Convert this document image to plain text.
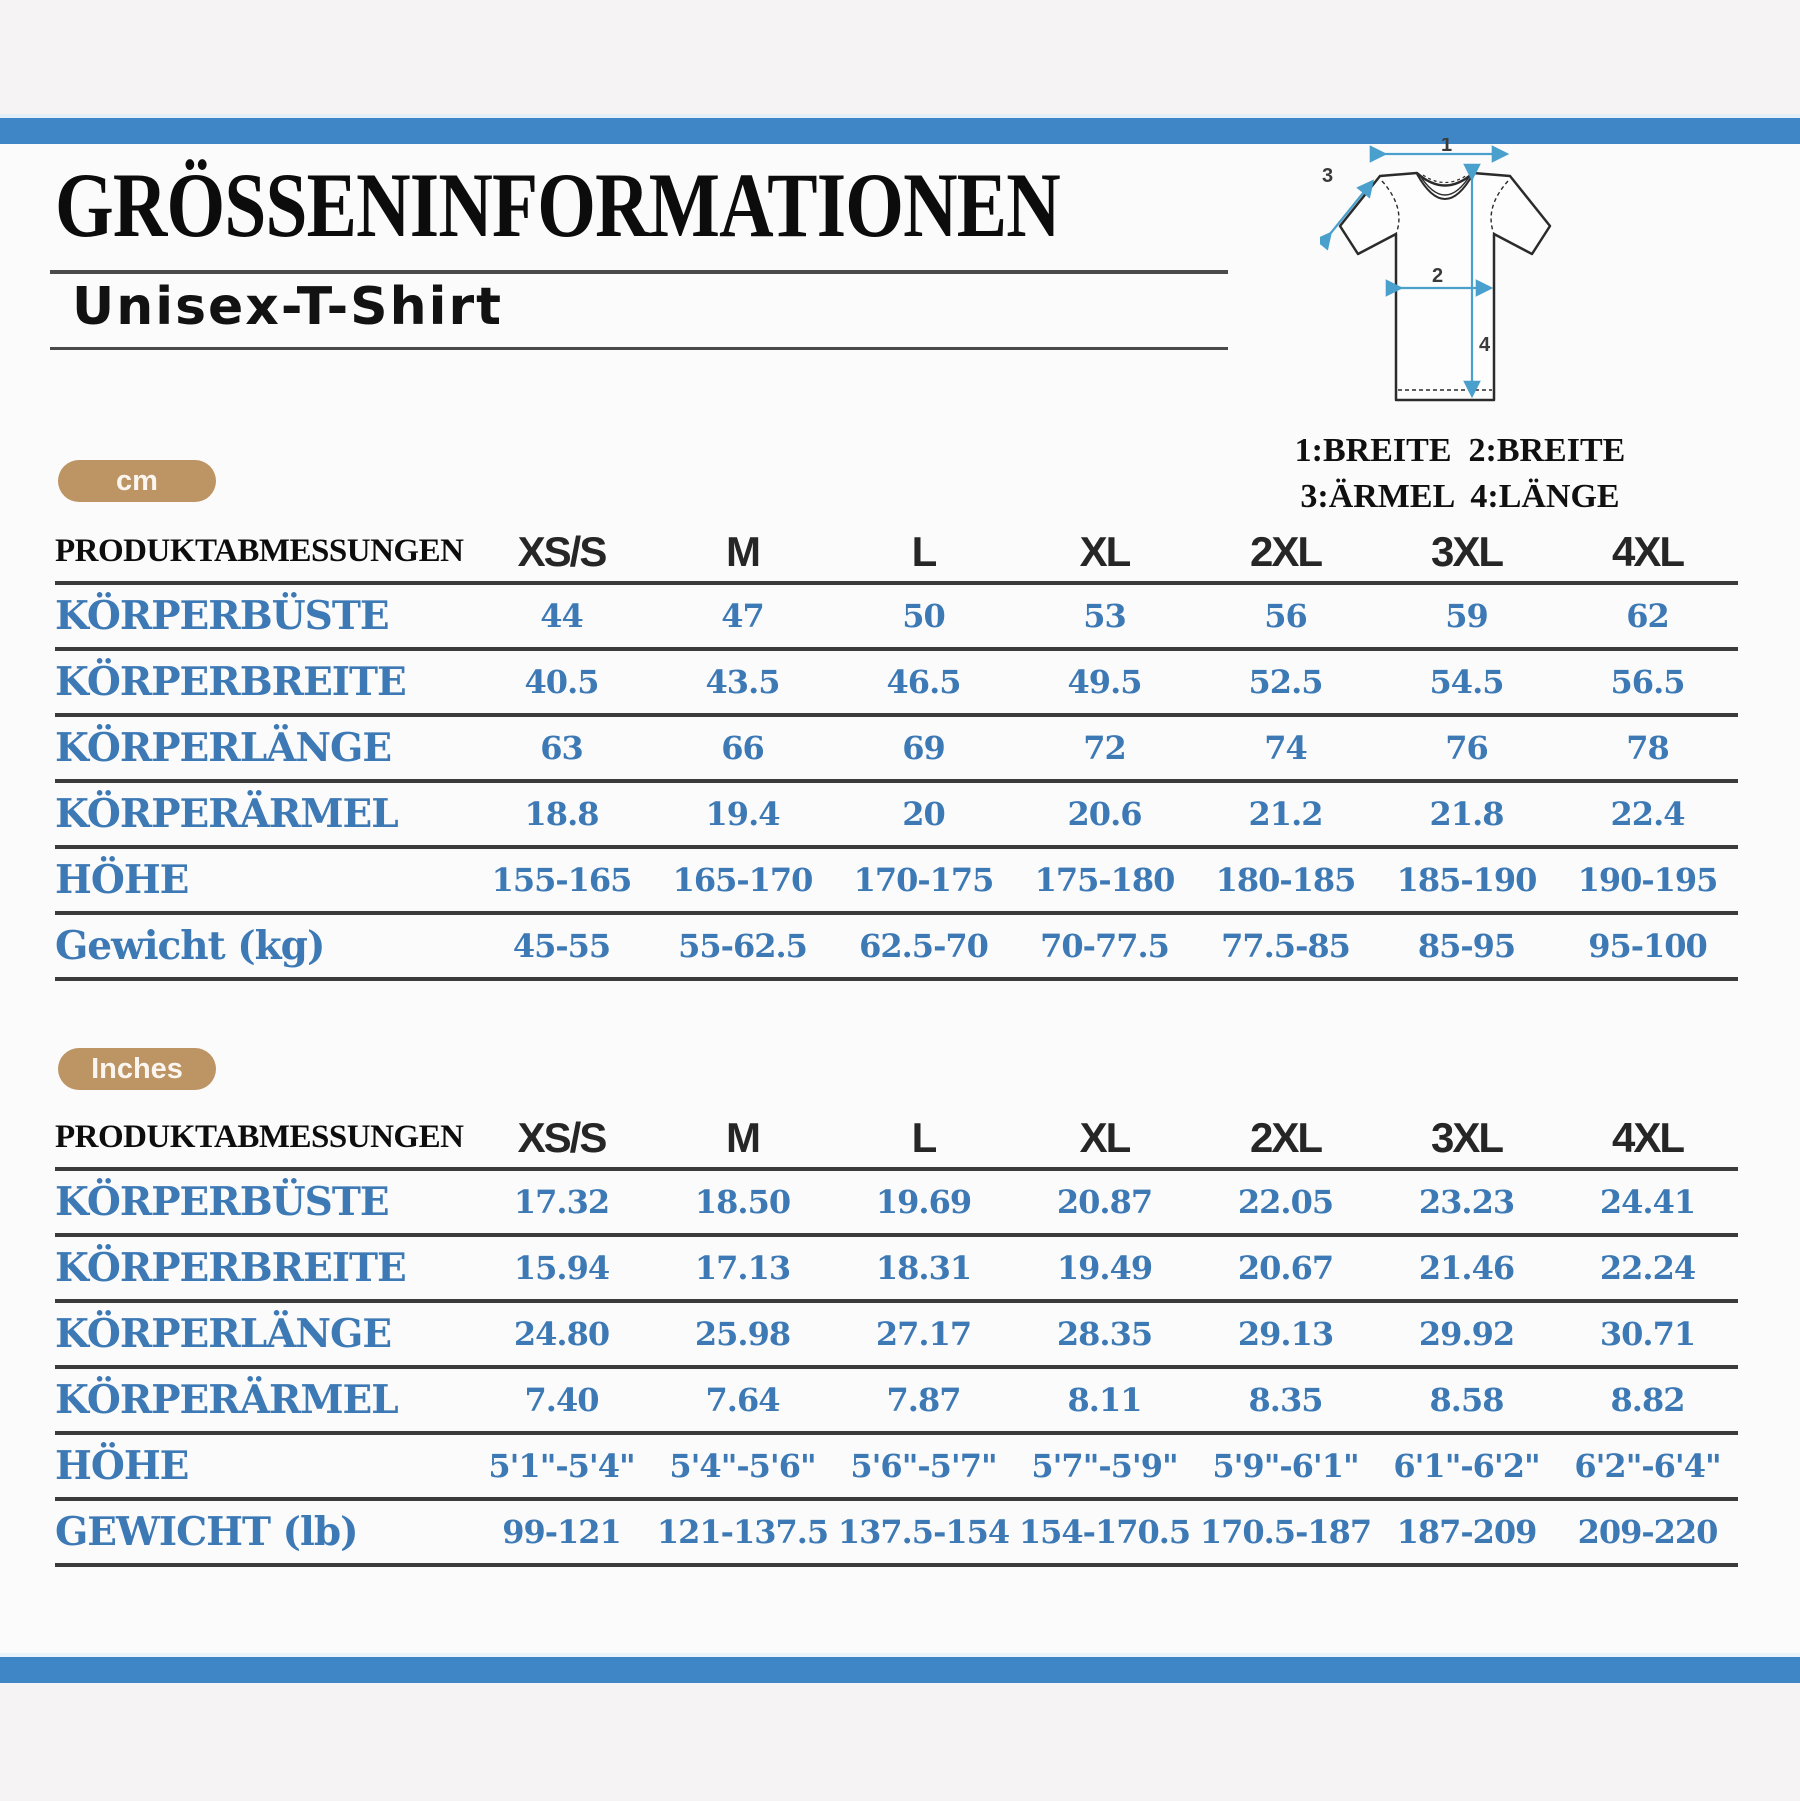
GRÖSSENINFORMATIONEN
Unisex-T-Shirt
1
3
2
4
1:BREITE  2:BREITE
3:ÄRMEL  4:LÄNGE
cm
PRODUKTABMESSUNGEN	XS/S	M	L	XL	2XL	3XL	4XL
KÖRPERBÜSTE	44	47	50	53	56	59	62
KÖRPERBREITE	40.5	43.5	46.5	49.5	52.5	54.5	56.5
KÖRPERLÄNGE	63	66	69	72	74	76	78
KÖRPERÄRMEL	18.8	19.4	20	20.6	21.2	21.8	22.4
HÖHE	155-165	165-170	170-175	175-180	180-185	185-190	190-195
Gewicht (kg)	45-55	55-62.5	62.5-70	70-77.5	77.5-85	85-95	95-100
Inches
PRODUKTABMESSUNGEN	XS/S	M	L	XL	2XL	3XL	4XL
KÖRPERBÜSTE	17.32	18.50	19.69	20.87	22.05	23.23	24.41
KÖRPERBREITE	15.94	17.13	18.31	19.49	20.67	21.46	22.24
KÖRPERLÄNGE	24.80	25.98	27.17	28.35	29.13	29.92	30.71
KÖRPERÄRMEL	7.40	7.64	7.87	8.11	8.35	8.58	8.82
HÖHE	5'1"-5'4"	5'4"-5'6"	5'6"-5'7"	5'7"-5'9"	5'9"-6'1"	6'1"-6'2"	6'2"-6'4"
GEWICHT (lb)	99-121	121-137.5 137.5-154 154-170.5 170.5-187 187-209	209-220
